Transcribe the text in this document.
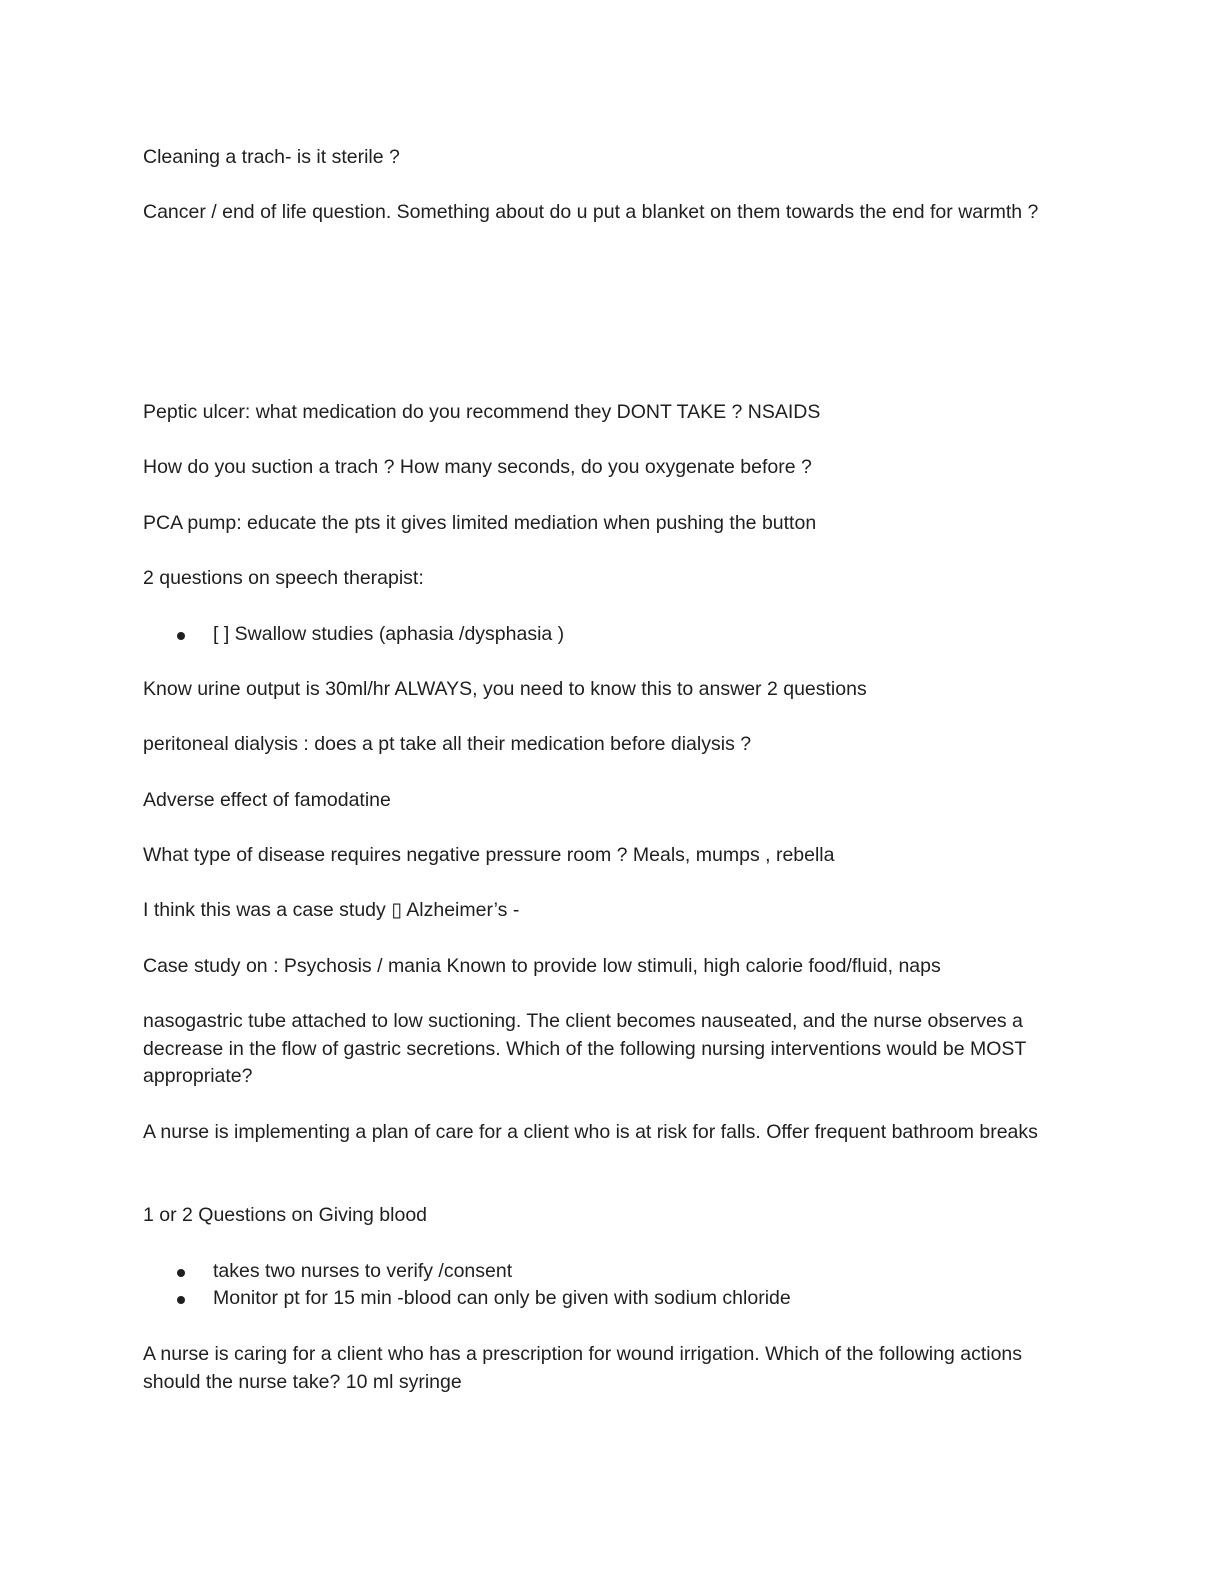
Cleaning a trach- is it sterile ?

Cancer / end of life question. Something about do u put a blanket on them towards the end for warmth ?

Peptic ulcer: what medication do you recommend they DONT TAKE ? NSAIDS

How do you suction a trach ? How many seconds, do you oxygenate before ?

PCA pump: educate the pts it gives limited mediation when pushing the button

2 questions on speech therapist:

[ ] Swallow studies (aphasia /dysphasia )

Know urine output is 30ml/hr ALWAYS, you need to know this to answer 2 questions

peritoneal dialysis : does a pt take all their medication before dialysis ?

Adverse effect of famodatine

What type of disease requires negative pressure room ? Meals, mumps , rebella

I think this was a case study ▯ Alzheimer’s -

Case study on : Psychosis / mania Known to provide low stimuli, high calorie food/fluid, naps

nasogastric tube attached to low suctioning. The client becomes nauseated, and the nurse observes a decrease in the flow of gastric secretions. Which of the following nursing interventions would be MOST appropriate?

A nurse is implementing a plan of care for a client who is at risk for falls. Offer frequent bathroom breaks

1 or 2 Questions on Giving blood

takes two nurses to verify /consent

Monitor pt for 15 min -blood can only be given with sodium chloride

A nurse is caring for a client who has a prescription for wound irrigation. Which of the following actions should the nurse take? 10 ml syringe
